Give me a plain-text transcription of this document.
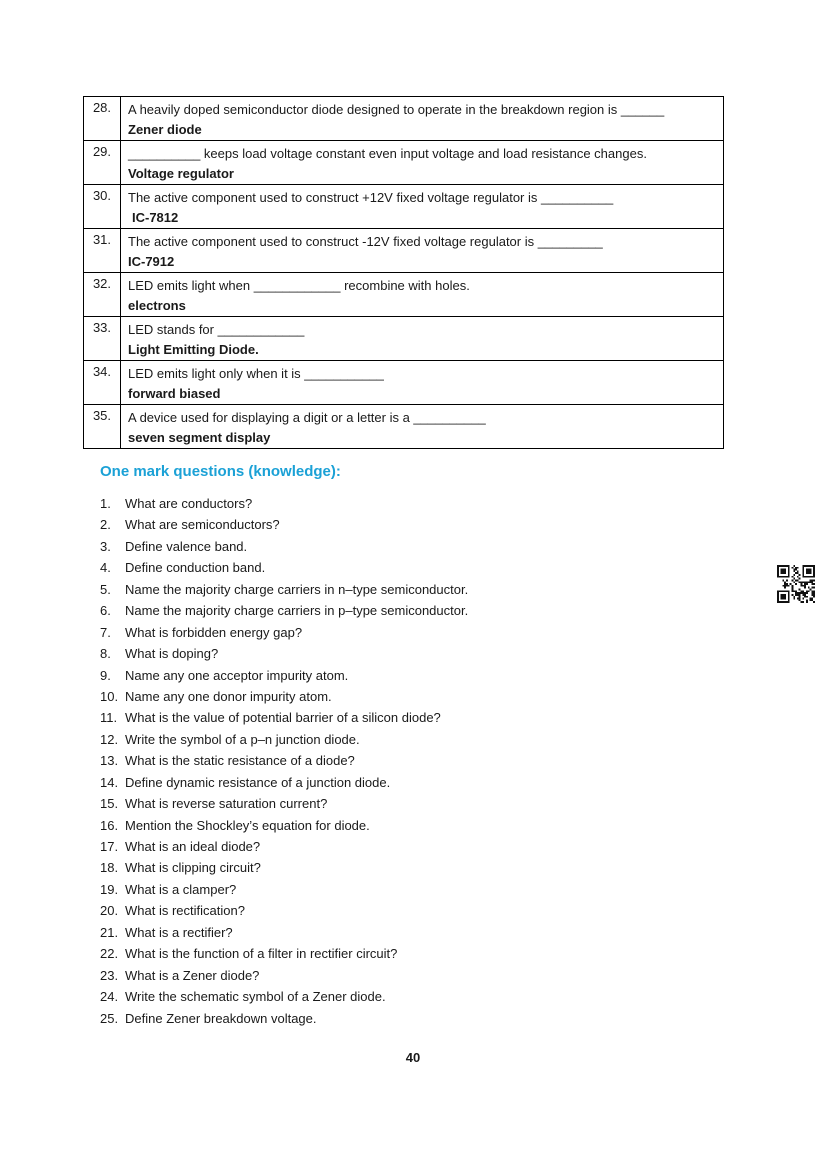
28.	A heavily doped semiconductor diode designed to operate in the breakdown region is ______
Zener diode

29.	__________ keeps load voltage constant even input voltage and load resistance changes.
Voltage regulator

30.	The active component used to construct +12V fixed voltage regulator is __________
IC-7812

31.	The active component used to construct -12V fixed voltage regulator is _________
IC-7912

32.	LED emits light when ____________ recombine with holes.
electrons

33.	LED stands for ____________
Light Emitting Diode.

34.	LED emits light only when it is ___________
forward biased

35.	A device used for displaying a digit or a letter is a __________
seven segment display
One mark questions (knowledge):
1. What are conductors?
2. What are semiconductors?
3. Define valence band.
4. Define conduction band.
5. Name the majority charge carriers in n–type semiconductor.
6. Name the majority charge carriers in p–type semiconductor.
7. What is forbidden energy gap?
8. What is doping?
9. Name any one acceptor impurity atom.
10. Name any one donor impurity atom.
11. What is the value of potential barrier of a silicon diode?
12. Write the symbol of a p–n junction diode.
13. What is the static resistance of a diode?
14. Define dynamic resistance of a junction diode.
15. What is reverse saturation current?
16. Mention the Shockley’s equation for diode.
17. What is an ideal diode?
18. What is clipping circuit?
19. What is a clamper?
20. What is rectification?
21. What is a rectifier?
22. What is the function of a filter in rectifier circuit?
23. What is a Zener diode?
24. Write the schematic symbol of a Zener diode.
25. Define Zener breakdown voltage.
40
